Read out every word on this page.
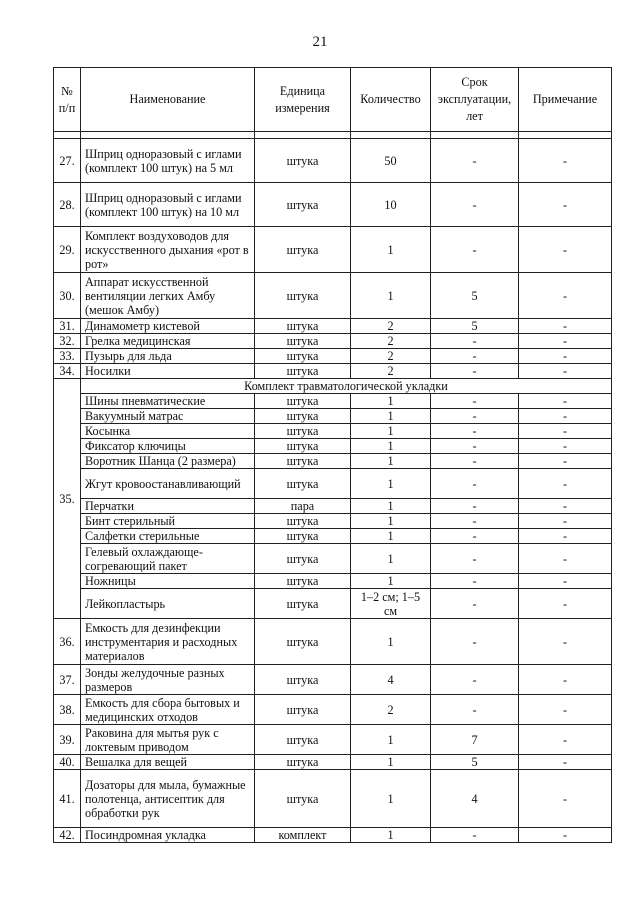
21
№ п/п	Наименование	Единица измерения	Количество	Срок эксплуатации, лет	Примечание

27.	Шприц одноразовый с иглами (комплект 100 штук) на 5 мл	штука	50	-	-
28.	Шприц одноразовый с иглами (комплект 100 штук) на 10 мл	штука	10	-	-
29.	Комплект воздуховодов для искусственного дыхания «рот в рот»	штука	1	-	-
30.	Аппарат искусственной вентиляции легких Амбу (мешок Амбу)	штука	1	5	-
31.	Динамометр кистевой	штука	2	5	-
32.	Грелка медицинская	штука	2	-	-
33.	Пузырь для льда	штука	2	-	-
34.	Носилки	штука	2	-	-
35.	Комплект травматологической укладки				
	Шины пневматические	штука	1	-	-
	Вакуумный матрас	штука	1	-	-
	Косынка	штука	1	-	-
	Фиксатор ключицы	штука	1	-	-
	Воротник Шанца (2 размера)	штука	1	-	-
	Жгут кровоостанавливающий	штука	1	-	-
	Перчатки	пара	1	-	-
	Бинт стерильный	штука	1	-	-
	Салфетки стерильные	штука	1	-	-
	Гелевый охлаждающе-согревающий пакет	штука	1	-	-
	Ножницы	штука	1	-	-
	Лейкопластырь	штука	1–2 см; 1–5 см	-	-
36.	Емкость для дезинфекции инструментария и расходных материалов	штука	1	-	-
37.	Зонды желудочные разных размеров	штука	4	-	-
38.	Емкость для сбора бытовых и медицинских отходов	штука	2	-	-
39.	Раковина для мытья рук с локтевым приводом	штука	1	7	-
40.	Вешалка для вещей	штука	1	5	-
41.	Дозаторы для мыла, бумажные полотенца, антисептик для обработки рук	штука	1	4	-
42.	Посиндромная укладка	комплект	1	-	-
